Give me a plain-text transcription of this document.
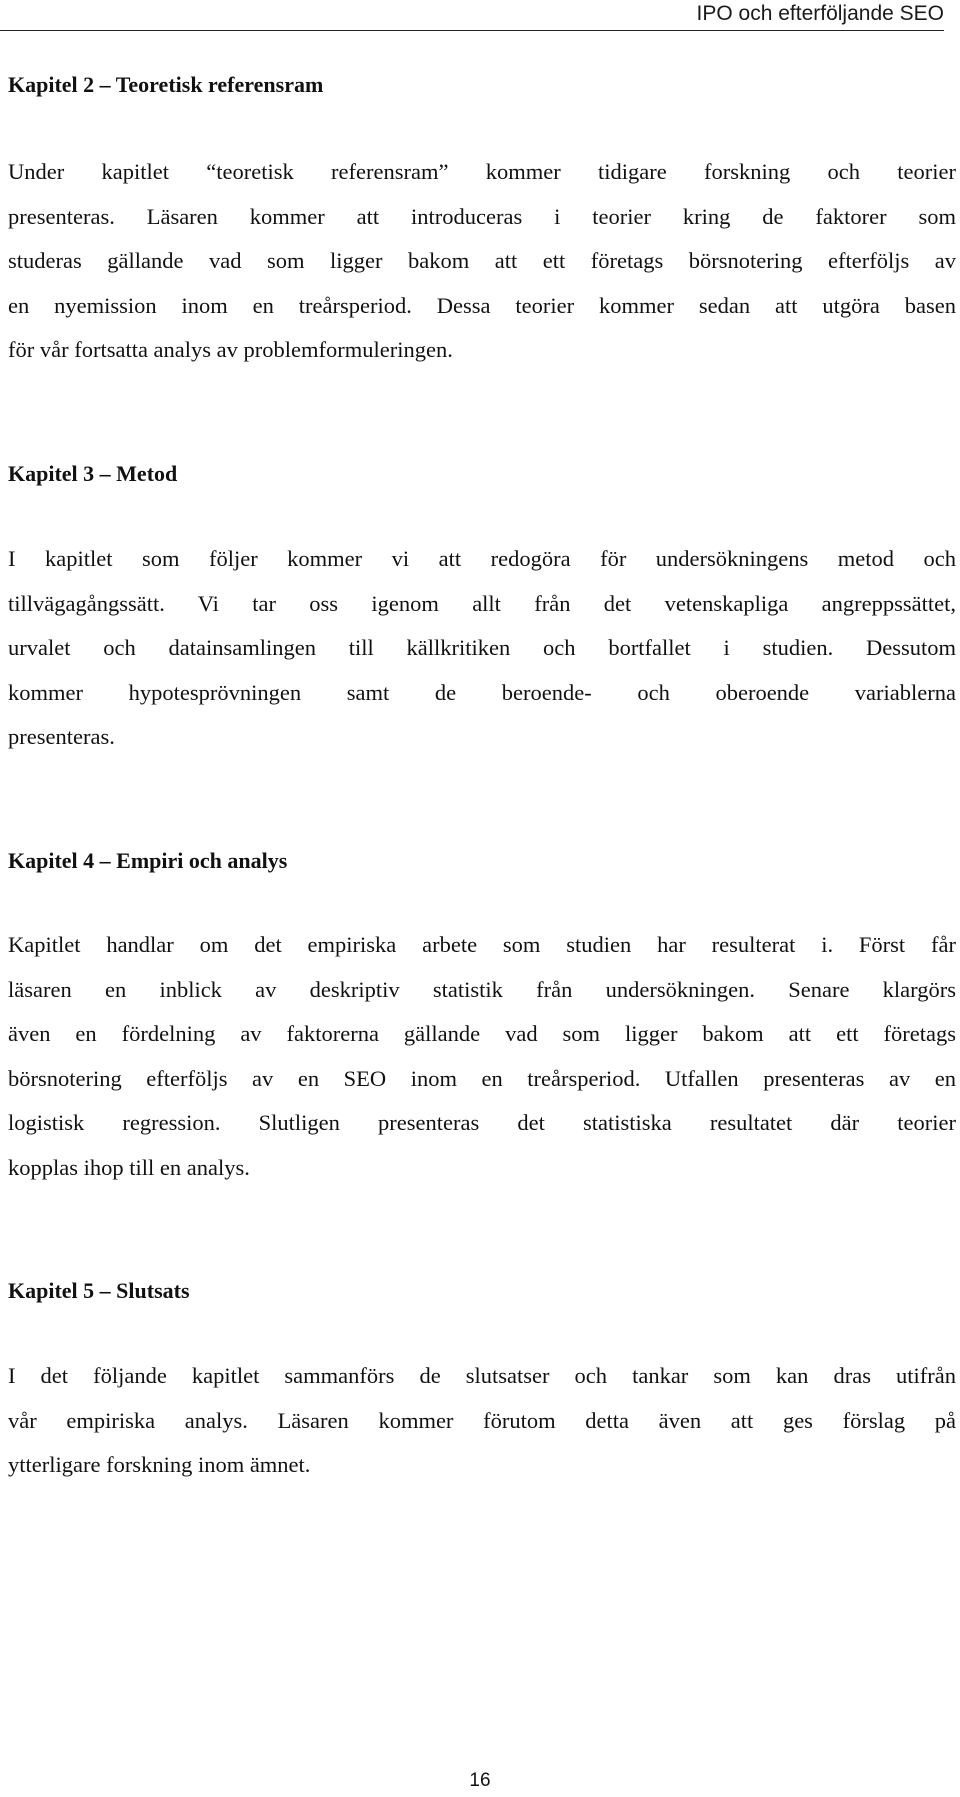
IPO och efterföljande SEO
Kapitel 2 – Teoretisk referensram
Under kapitlet “teoretisk referensram” kommer tidigare forskning och teorier
presenteras. Läsaren kommer att introduceras i teorier kring de faktorer som
studeras gällande vad som ligger bakom att ett företags börsnotering efterföljs av
en nyemission inom en treårsperiod. Dessa teorier kommer sedan att utgöra basen
för vår fortsatta analys av problemformuleringen.
Kapitel 3 – Metod
I kapitlet som följer kommer vi att redogöra för undersökningens metod och
tillvägagångssätt. Vi tar oss igenom allt från det vetenskapliga angreppssättet,
urvalet och datainsamlingen till källkritiken och bortfallet i studien. Dessutom
kommer hypotesprövningen samt de beroende- och oberoende variablerna
presenteras.
Kapitel 4 – Empiri och analys
Kapitlet handlar om det empiriska arbete som studien har resulterat i. Först får
läsaren en inblick av deskriptiv statistik från undersökningen. Senare klargörs
även en fördelning av faktorerna gällande vad som ligger bakom att ett företags
börsnotering efterföljs av en SEO inom en treårsperiod. Utfallen presenteras av en
logistisk regression. Slutligen presenteras det statistiska resultatet där teorier
kopplas ihop till en analys.
Kapitel 5 – Slutsats
I det följande kapitlet sammanförs de slutsatser och tankar som kan dras utifrån
vår empiriska analys. Läsaren kommer förutom detta även att ges förslag på
ytterligare forskning inom ämnet.
16
